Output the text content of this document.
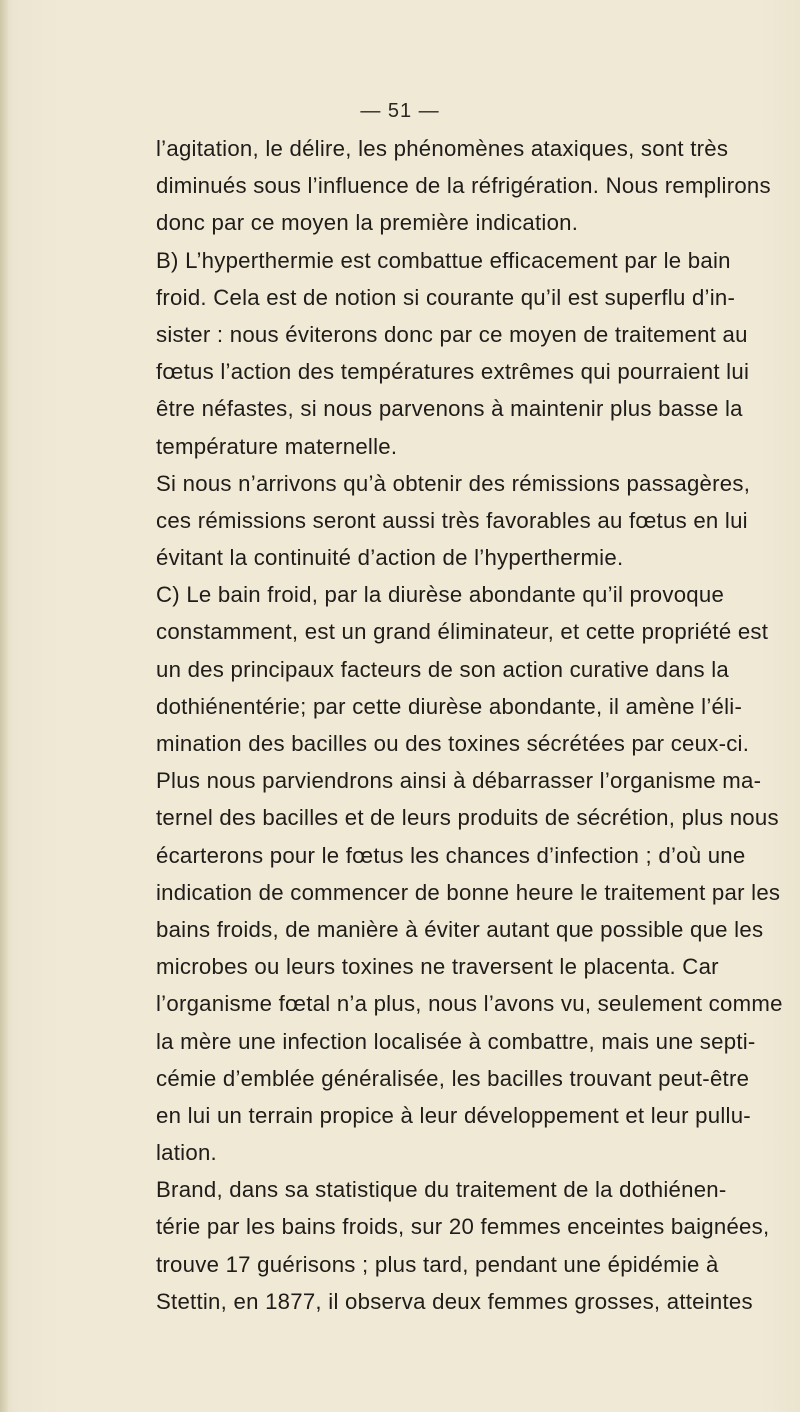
— 51 —
l’agitation, le délire, les phénomènes ataxiques, sont très
diminués sous l’influence de la réfrigération. Nous remplirons
donc par ce moyen la première indication.
B) L’hyperthermie est combattue efficacement par le bain
froid. Cela est de notion si courante qu’il est superflu d’in-
sister : nous éviterons donc par ce moyen de traitement au
fœtus l’action des températures extrêmes qui pourraient lui
être néfastes, si nous parvenons à maintenir plus basse la
température maternelle.
Si nous n’arrivons qu’à obtenir des rémissions passagères,
ces rémissions seront aussi très favorables au fœtus en lui
évitant la continuité d’action de l’hyperthermie.
C) Le bain froid, par la diurèse abondante qu’il provoque
constamment, est un grand éliminateur, et cette propriété est
un des principaux facteurs de son action curative dans la
dothiénentérie; par cette diurèse abondante, il amène l’éli-
mination des bacilles ou des toxines sécrétées par ceux-ci.
Plus nous parviendrons ainsi à débarrasser l’organisme ma-
ternel des bacilles et de leurs produits de sécrétion, plus nous
écarterons pour le fœtus les chances d’infection ; d’où une
indication de commencer de bonne heure le traitement par les
bains froids, de manière à éviter autant que possible que les
microbes ou leurs toxines ne traversent le placenta. Car
l’organisme fœtal n’a plus, nous l’avons vu, seulement comme
la mère une infection localisée à combattre, mais une septi-
cémie d’emblée généralisée, les bacilles trouvant peut-être
en lui un terrain propice à leur développement et leur pullu-
lation.
Brand, dans sa statistique du traitement de la dothiénen-
térie par les bains froids, sur 20 femmes enceintes baignées,
trouve 17 guérisons ; plus tard, pendant une épidémie à
Stettin, en 1877, il observa deux femmes grosses, atteintes
